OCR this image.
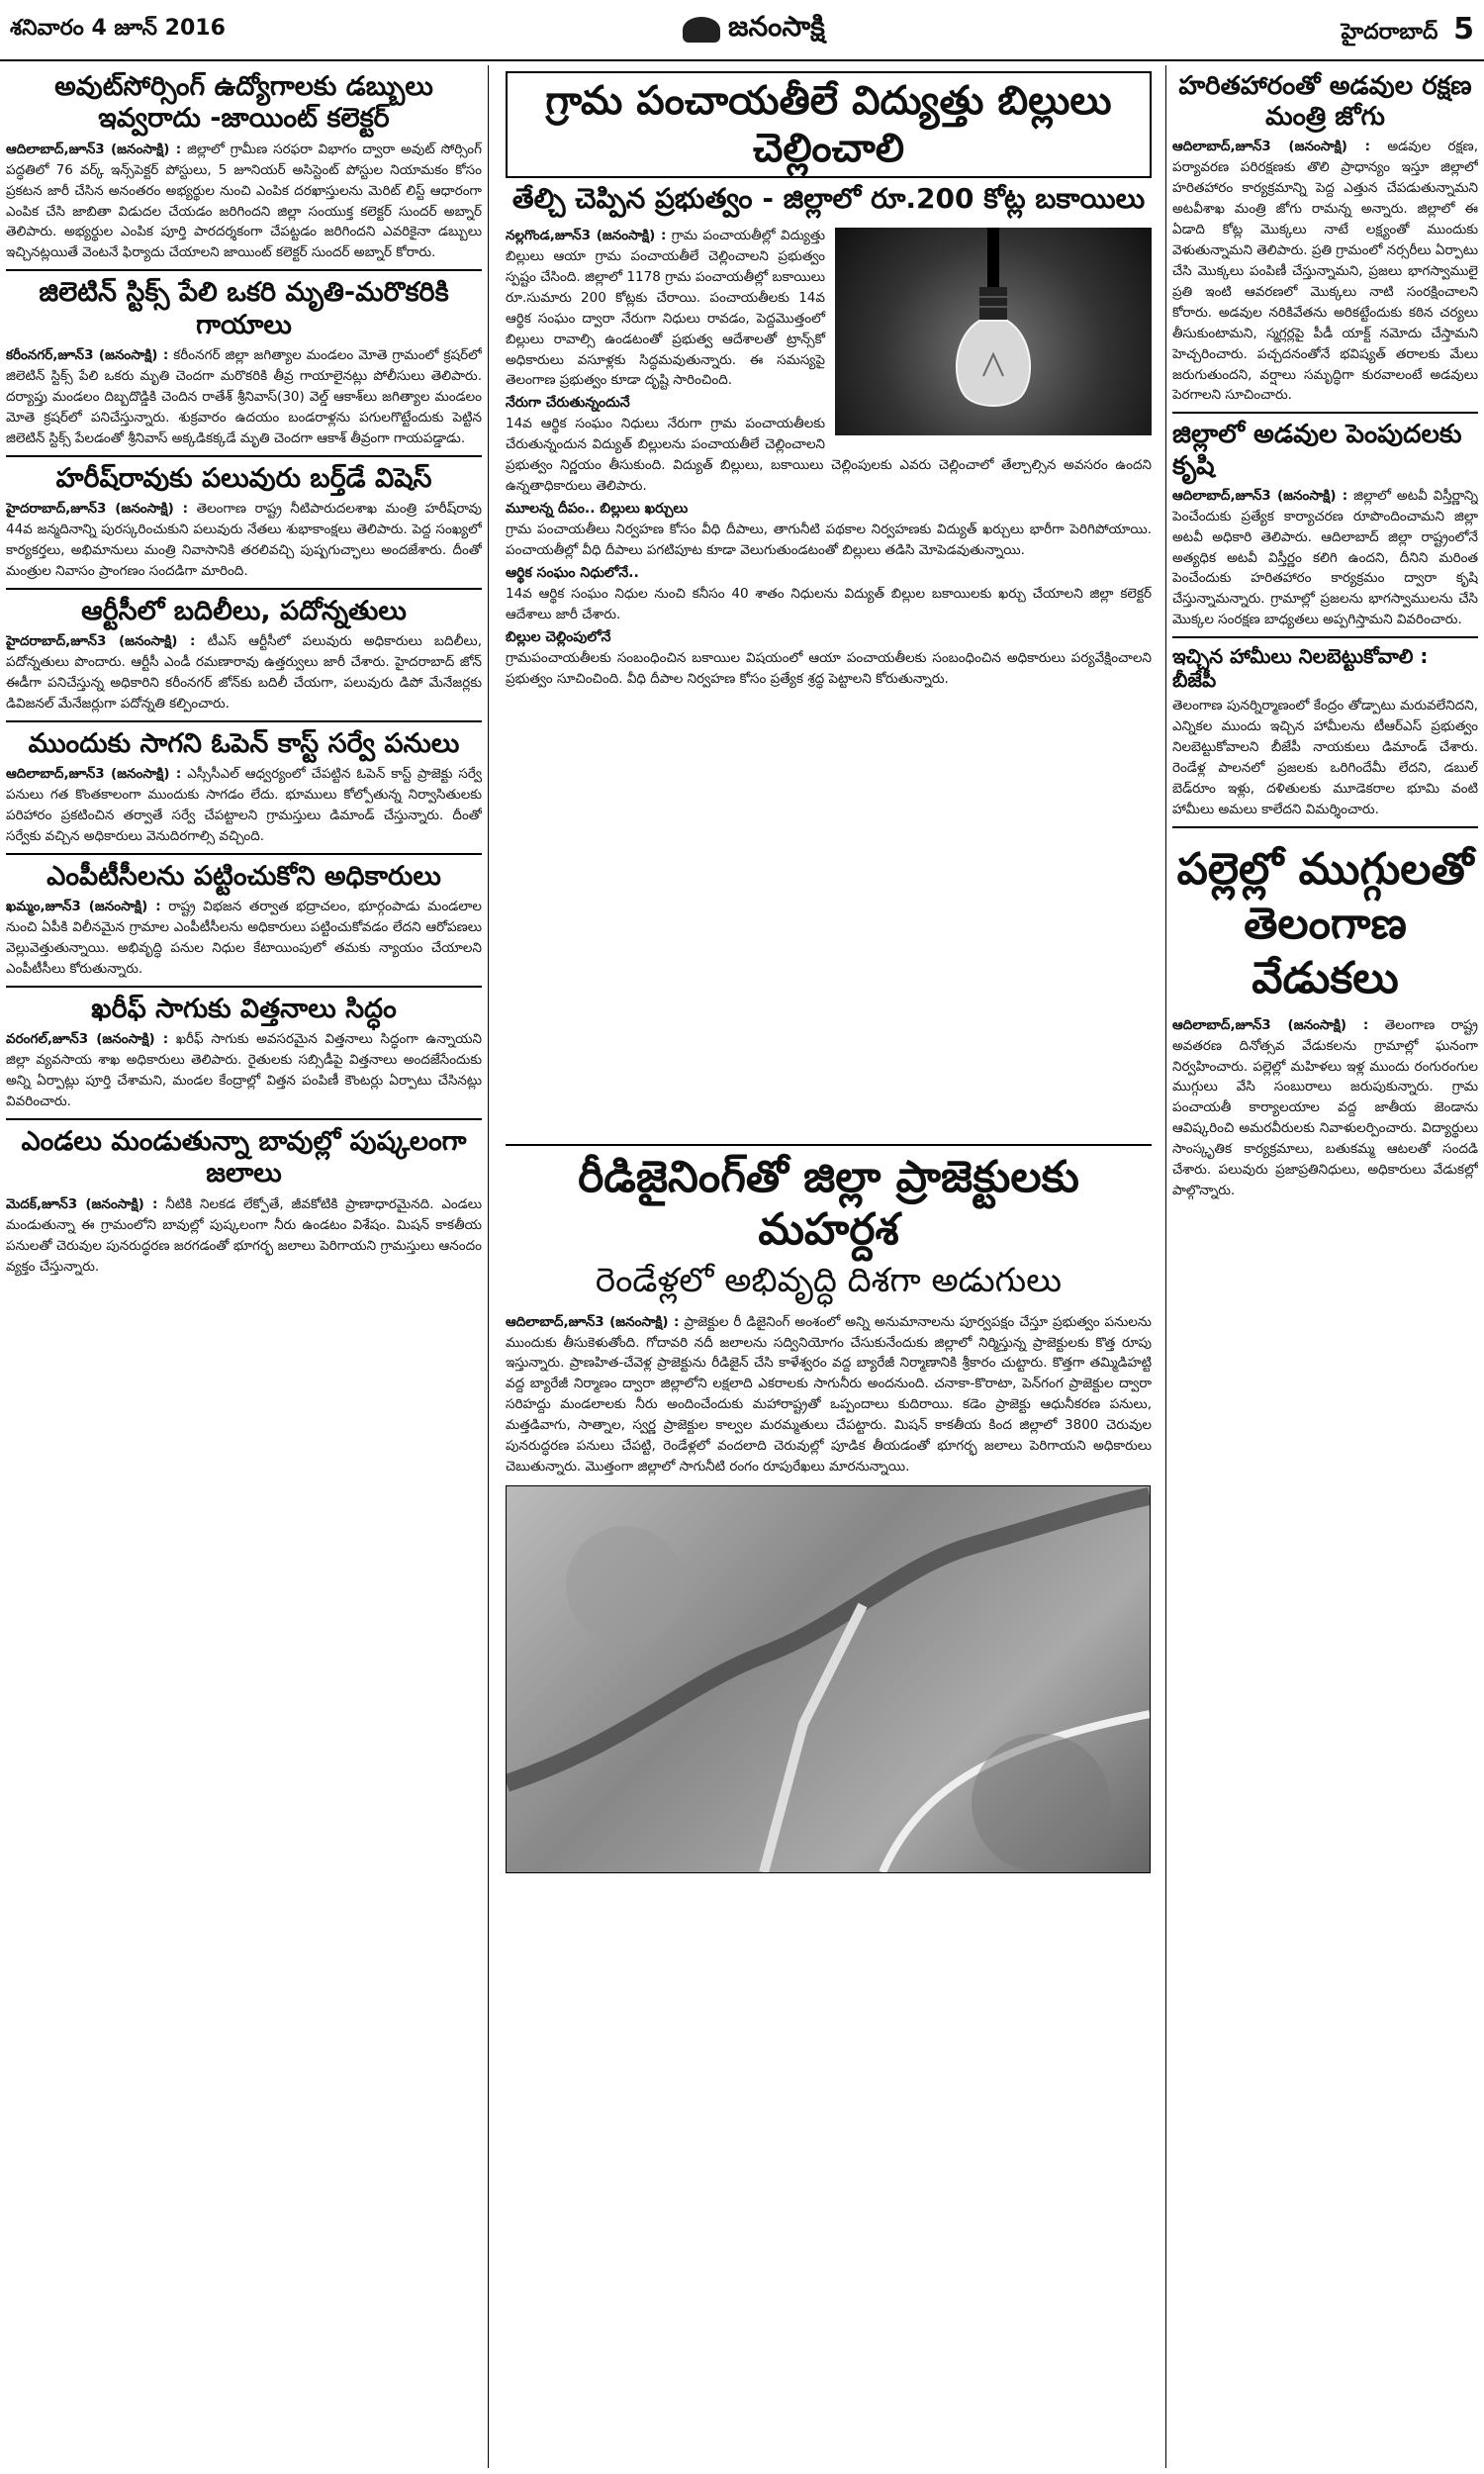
శనివారం 4 జూన్ 2016	జనంసాక్షి	హైదరాబాద్ 5
అవుట్‌సోర్సింగ్ ఉద్యోగాలకు డబ్బులు ఇవ్వరాదు -జాయింట్ కలెక్టర్

ఆదిలాబాద్,జూన్3 (జనంసాక్షి) : జిల్లాలో గ్రామీణ సరఫరా విభాగం ద్వారా అవుట్ సోర్సింగ్ పద్ధతిలో 76 వర్క్ ఇన్స్‌పెక్టర్ పోస్టులు, 5 జూనియర్ అసిస్టెంట్ పోస్టుల నియామకం కోసం ప్రకటన జారీ చేసిన అనంతరం అభ్యర్థుల నుంచి ఎంపిక దరఖాస్తులను మెరిట్ లిస్ట్ ఆధారంగా ఎంపిక చేసి జాబితా విడుదల చేయడం జరిగిందని జిల్లా సంయుక్త కలెక్టర్ సుందర్ అబ్నార్ తెలిపారు. అభ్యర్థుల ఎంపిక పూర్తి పారదర్శకంగా చేపట్టడం జరిగిందని ఎవరికైనా డబ్బులు ఇచ్చినట్లయితే వెంటనే ఫిర్యాదు చేయాలని జాయింట్ కలెక్టర్ సుందర్ అబ్నార్ కోరారు.

జిలెటిన్ స్టిక్స్ పేలి ఒకరి మృతి-మరొకరికి గాయాలు

కరీంనగర్,జూన్3 (జనంసాక్షి) : కరీంనగర్ జిల్లా జగిత్యాల మండలం మోతె గ్రామంలో క్రషర్‌లో జిలెటిన్ స్టిక్స్ పేలి ఒకరు మృతి చెందగా మరొకరికి తీవ్ర గాయాలైనట్లు పోలీసులు తెలిపారు. దర్యాప్తు మండలం దిబ్బదొడ్డికి చెందిన రాతేశ్ శ్రీనివాస్(30) వెల్డ్ ఆకాశ్‌లు జగిత్యాల మండలం మోతె క్రషర్‌లో పనిచేస్తున్నారు. శుక్రవారం ఉదయం బండరాళ్లను పగులగొట్టేందుకు పెట్టిన జిలెటిన్ స్టిక్స్ పేలడంతో శ్రీనివాస్ అక్కడికక్కడే మృతి చెందగా ఆకాశ్ తీవ్రంగా గాయపడ్డాడు.

హరీష్‌రావుకు పలువురు బర్త్‌డే విషెస్

హైదరాబాద్,జూన్3 (జనంసాక్షి) : తెలంగాణ రాష్ట్ర నీటిపారుదలశాఖ మంత్రి హరీష్‌రావు 44వ జన్మదినాన్ని పురస్కరించుకుని పలువురు నేతలు శుభాకాంక్షలు తెలిపారు. పెద్ద సంఖ్యలో కార్యకర్తలు, అభిమానులు మంత్రి నివాసానికి తరలివచ్చి పుష్పగుచ్ఛాలు అందజేశారు. దీంతో మంత్రుల నివాసం ప్రాంగణం సందడిగా మారింది.

ఆర్టీసీలో బదిలీలు, పదోన్నతులు

హైదరాబాద్,జూన్3 (జనంసాక్షి) : టీఎస్ ఆర్టీసీలో పలువురు అధికారులు బదిలీలు, పదోన్నతులు పొందారు. ఆర్టీసీ ఎండీ రమణారావు ఉత్తర్వులు జారీ చేశారు. హైదరాబాద్ జోన్ ఈడీగా పనిచేస్తున్న అధికారిని కరీంనగర్ జోన్‌కు బదిలీ చేయగా, పలువురు డిపో మేనేజర్లకు డివిజనల్ మేనేజర్లుగా పదోన్నతి కల్పించారు.

ముందుకు సాగని ఓపెన్ కాస్ట్ సర్వే పనులు

ఆదిలాబాద్,జూన్3 (జనంసాక్షి) : ఎస్సీసీఎల్ ఆధ్వర్యంలో చేపట్టిన ఓపెన్ కాస్ట్ ప్రాజెక్టు సర్వే పనులు గత కొంతకాలంగా ముందుకు సాగడం లేదు. భూములు కోల్పోతున్న నిర్వాసితులకు పరిహారం ప్రకటించిన తర్వాతే సర్వే చేపట్టాలని గ్రామస్తులు డిమాండ్ చేస్తున్నారు. దీంతో సర్వేకు వచ్చిన అధికారులు వెనుదిరగాల్సి వచ్చింది.

ఎంపీటీసీలను పట్టించుకోని అధికారులు

ఖమ్మం,జూన్3 (జనంసాక్షి) : రాష్ట్ర విభజన తర్వాత భద్రాచలం, భూర్గంపాడు మండలాల నుంచి ఏపీకి విలీనమైన గ్రామాల ఎంపీటీసీలను అధికారులు పట్టించుకోవడం లేదని ఆరోపణలు వెల్లువెత్తుతున్నాయి. అభివృద్ధి పనుల నిధుల కేటాయింపులో తమకు న్యాయం చేయాలని ఎంపీటీసీలు కోరుతున్నారు.

ఖరీఫ్ సాగుకు విత్తనాలు సిద్ధం

వరంగల్,జూన్3 (జనంసాక్షి) : ఖరీఫ్ సాగుకు అవసరమైన విత్తనాలు సిద్ధంగా ఉన్నాయని జిల్లా వ్యవసాయ శాఖ అధికారులు తెలిపారు. రైతులకు సబ్సిడీపై విత్తనాలు అందజేసేందుకు అన్ని ఏర్పాట్లు పూర్తి చేశామని, మండల కేంద్రాల్లో విత్తన పంపిణీ కౌంటర్లు ఏర్పాటు చేసినట్లు వివరించారు.

ఎండలు మండుతున్నా బావుల్లో పుష్కలంగా జలాలు

మెదక్,జూన్3 (జనంసాక్షి) : నీటికి నిలకడ లేక్పోతే, జీవకోటికి ప్రాణాధారమైనది. ఎండలు మండుతున్నా ఈ గ్రామంలోని బావుల్లో పుష్కలంగా నీరు ఉండటం విశేషం. మిషన్ కాకతీయ పనులతో చెరువుల పునరుద్ధరణ జరగడంతో భూగర్భ జలాలు పెరిగాయని గ్రామస్తులు ఆనందం వ్యక్తం చేస్తున్నారు.

గ్రామ పంచాయతీలే విద్యుత్తు బిల్లులు చెల్లించాలి
తేల్చి చెప్పిన ప్రభుత్వం - జిల్లాలో రూ.200 కోట్ల బకాయిలు

నల్లగొండ,జూన్3 (జనంసాక్షి) : గ్రామ పంచాయతీల్లో విద్యుత్తు బిల్లులు ఆయా గ్రామ పంచాయతీలే చెల్లించాలని ప్రభుత్వం స్పష్టం చేసింది. జిల్లాలో 1178 గ్రామ పంచాయతీల్లో బకాయిలు రూ.సుమారు 200 కోట్లకు చేరాయి. పంచాయతీలకు 14వ ఆర్థిక సంఘం ద్వారా నేరుగా నిధులు రావడం, పెద్దమొత్తంలో బిల్లులు రావాల్సి ఉండటంతో ప్రభుత్వ ఆదేశాలతో ట్రాన్స్‌కో అధికారులు వసూళ్లకు సిద్ధమవుతున్నారు. ఈ సమస్యపై తెలంగాణ ప్రభుత్వం కూడా దృష్టి సారించింది.

నేరుగా చేరుతున్నందునే

14వ ఆర్థిక సంఘం నిధులు నేరుగా గ్రామ పంచాయతీలకు చేరుతున్నందున విద్యుత్ బిల్లులను పంచాయతీలే చెల్లించాలని ప్రభుత్వం నిర్ణయం తీసుకుంది. విద్యుత్ బిల్లులు, బకాయిలు చెల్లింపులకు ఎవరు చెల్లించాలో తేల్చాల్సిన అవసరం ఉందని ఉన్నతాధికారులు తెలిపారు.

మూలన్న దీపం.. బిల్లులు ఖర్చులు

గ్రామ పంచాయతీలు నిర్వహణ కోసం వీధి దీపాలు, తాగునీటి పథకాల నిర్వహణకు విద్యుత్ ఖర్చులు భారీగా పెరిగిపోయాయి. పంచాయతీల్లో వీధి దీపాలు పగటిపూట కూడా వెలుగుతుండటంతో బిల్లులు తడిసి మోపెడవుతున్నాయి.

ఆర్థిక సంఘం నిధులోనే..

14వ ఆర్థిక సంఘం నిధుల నుంచి కనీసం 40 శాతం నిధులను విద్యుత్ బిల్లుల బకాయిలకు ఖర్చు చేయాలని జిల్లా కలెక్టర్ ఆదేశాలు జారీ చేశారు.

బిల్లుల చెల్లింపులోనే

గ్రామపంచాయతీలకు సంబంధించిన బకాయిల విషయంలో ఆయా పంచాయతీలకు సంబంధించిన అధికారులు పర్యవేక్షించాలని ప్రభుత్వం సూచించింది. వీధి దీపాల నిర్వహణ కోసం ప్రత్యేక శ్రద్ధ పెట్టాలని కోరుతున్నారు.

రీడిజైనింగ్‌తో జిల్లా ప్రాజెక్టులకు మహర్దశ
రెండేళ్లలో అభివృద్ధి దిశగా అడుగులు

ఆదిలాబాద్,జూన్3 (జనంసాక్షి) : ప్రాజెక్టుల రీ డిజైనింగ్ అంశంలో అన్ని అనుమానాలను పూర్వపక్షం చేస్తూ ప్రభుత్వం పనులను ముందుకు తీసుకెళుతోంది. గోదావరి నదీ జలాలను సద్వినియోగం చేసుకునేందుకు జిల్లాలో నిర్మిస్తున్న ప్రాజెక్టులకు కొత్త రూపు ఇస్తున్నారు. ప్రాణహిత-చేవెళ్ల ప్రాజెక్టును రీడిజైన్ చేసి కాళేశ్వరం వద్ద బ్యారేజీ నిర్మాణానికి శ్రీకారం చుట్టారు. కొత్తగా తమ్మిడిహట్టి వద్ద బ్యారేజీ నిర్మాణం ద్వారా జిల్లాలోని లక్షలాది ఎకరాలకు సాగునీరు అందనుంది. చనాకా-కొరాటా, పెన్‌గంగ ప్రాజెక్టుల ద్వారా సరిహద్దు మండలాలకు నీరు అందించేందుకు మహారాష్ట్రతో ఒప్పందాలు కుదిరాయి. కడెం ప్రాజెక్టు ఆధునీకరణ పనులు, మత్తడివాగు, సాత్నాల, స్వర్ణ ప్రాజెక్టుల కాల్వల మరమ్మతులు చేపట్టారు. మిషన్ కాకతీయ కింద జిల్లాలో 3800 చెరువుల పునరుద్ధరణ పనులు చేపట్టి, రెండేళ్లలో వందలాది చెరువుల్లో పూడిక తీయడంతో భూగర్భ జలాలు పెరిగాయని అధికారులు చెబుతున్నారు. మొత్తంగా జిల్లాలో సాగునీటి రంగం రూపురేఖలు మారనున్నాయి.

హరితహారంతో అడవుల రక్షణ మంత్రి జోగు

ఆదిలాబాద్,జూన్3 (జనంసాక్షి) : అడవుల రక్షణ, పర్యావరణ పరిరక్షణకు తొలి ప్రాధాన్యం ఇస్తూ జిల్లాలో హరితహారం కార్యక్రమాన్ని పెద్ద ఎత్తున చేపడుతున్నామని అటవీశాఖ మంత్రి జోగు రామన్న అన్నారు. జిల్లాలో ఈ ఏడాది కోట్ల మొక్కలు నాటే లక్ష్యంతో ముందుకు వెళుతున్నామని తెలిపారు. ప్రతి గ్రామంలో నర్సరీలు ఏర్పాటు చేసి మొక్కలు పంపిణీ చేస్తున్నామని, ప్రజలు భాగస్వాములై ప్రతి ఇంటి ఆవరణలో మొక్కలు నాటి సంరక్షించాలని కోరారు. అడవుల నరికివేతను అరికట్టేందుకు కఠిన చర్యలు తీసుకుంటామని, స్మగ్లర్లపై పీడీ యాక్ట్ నమోదు చేస్తామని హెచ్చరించారు. పచ్చదనంతోనే భవిష్యత్ తరాలకు మేలు జరుగుతుందని, వర్షాలు సమృద్ధిగా కురవాలంటే అడవులు పెరగాలని సూచించారు.

జిల్లాలో అడవుల పెంపుదలకు కృషి

ఆదిలాబాద్,జూన్3 (జనంసాక్షి) : జిల్లాలో అటవీ విస్తీర్ణాన్ని పెంచేందుకు ప్రత్యేక కార్యాచరణ రూపొందించామని జిల్లా అటవీ అధికారి తెలిపారు. ఆదిలాబాద్ జిల్లా రాష్ట్రంలోనే అత్యధిక అటవీ విస్తీర్ణం కలిగి ఉందని, దీనిని మరింత పెంచేందుకు హరితహారం కార్యక్రమం ద్వారా కృషి చేస్తున్నామన్నారు. గ్రామాల్లో ప్రజలను భాగస్వాములను చేసి మొక్కల సంరక్షణ బాధ్యతలు అప్పగిస్తామని వివరించారు.

ఇచ్చిన హామీలు నిలబెట్టుకోవాలి : బీజేపీ

తెలంగాణ పునర్నిర్మాణంలో కేంద్రం తోడ్పాటు మరువలేనిదని, ఎన్నికల ముందు ఇచ్చిన హామీలను టీఆర్‌ఎస్ ప్రభుత్వం నిలబెట్టుకోవాలని బీజేపీ నాయకులు డిమాండ్ చేశారు. రెండేళ్ల పాలనలో ప్రజలకు ఒరిగిందేమీ లేదని, డబుల్ బెడ్‌రూం ఇళ్లు, దళితులకు మూడెకరాల భూమి వంటి హామీలు అమలు కాలేదని విమర్శించారు.

పల్లెల్లో ముగ్గులతో తెలంగాణ వేడుకలు

ఆదిలాబాద్,జూన్3 (జనంసాక్షి) : తెలంగాణ రాష్ట్ర అవతరణ దినోత్సవ వేడుకలను గ్రామాల్లో ఘనంగా నిర్వహించారు. పల్లెల్లో మహిళలు ఇళ్ల ముందు రంగురంగుల ముగ్గులు వేసి సంబురాలు జరుపుకున్నారు. గ్రామ పంచాయతీ కార్యాలయాల వద్ద జాతీయ జెండాను ఆవిష్కరించి అమరవీరులకు నివాళులర్పించారు. విద్యార్థులు సాంస్కృతిక కార్యక్రమాలు, బతుకమ్మ ఆటలతో సందడి చేశారు. పలువురు ప్రజాప్రతినిధులు, అధికారులు వేడుకల్లో పాల్గొన్నారు.
